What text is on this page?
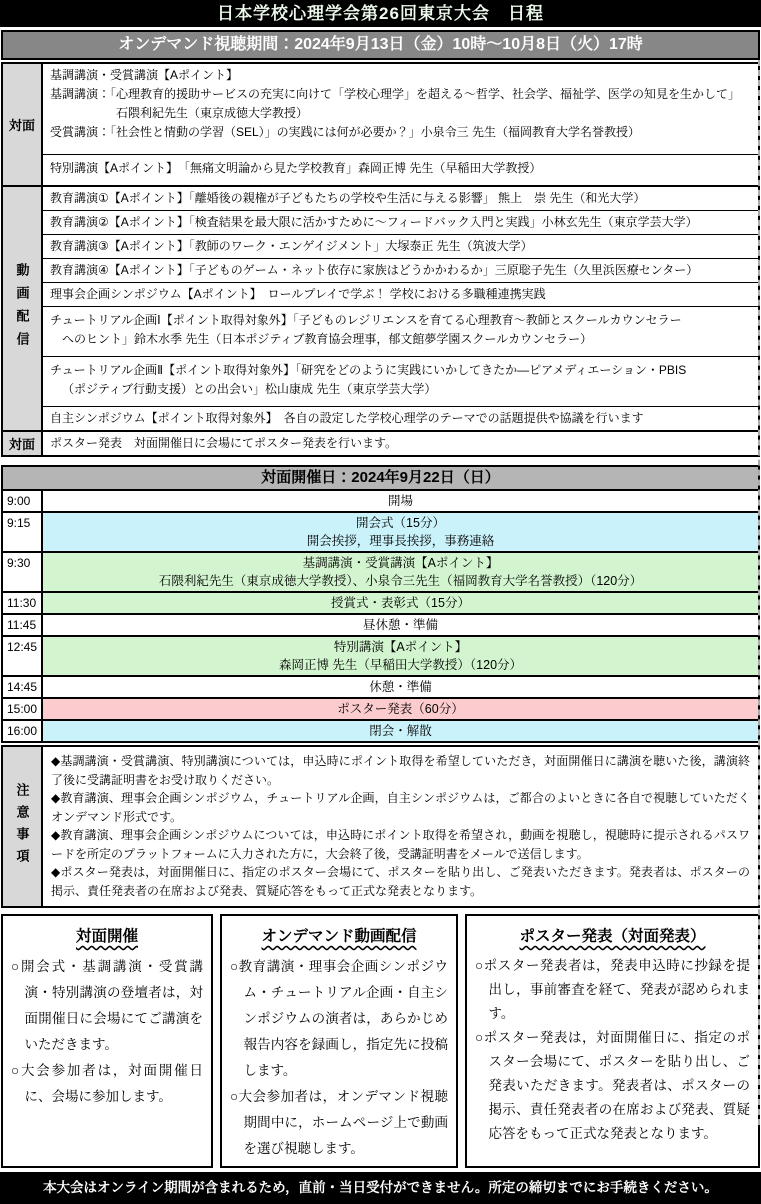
日本学校心理学会第26回東京大会　日程
オンデマンド視聴期間：2024年9月13日（金）10時～10月8日（火）17時
対面
基調講演・受賞講演【Aポイント】
基調講演：「心理教育的援助サービスの充実に向けて「学校心理学」を超える～哲学、社会学、福祉学、医学の知見を生かして」
石隈利紀先生（東京成徳大学教授）
受賞講演：「社会性と情動の学習（SEL）」の実践には何が必要か？」小泉令三 先生（福岡教育大学名誉教授）
特別講演【Aポイント】　「無痛文明論から見た学校教育」森岡正博 先生（早稲田大学教授）
動画配信
教育講演①【Aポイント】「離婚後の親権が子どもたちの学校や生活に与える影響」 熊上　崇 先生（和光大学）
教育講演②【Aポイント】「検査結果を最大限に活かすために～フィードバック入門と実践」小林玄先生（東京学芸大学）
教育講演③【Aポイント】「教師のワーク・エンゲイジメント」大塚泰正 先生（筑波大学）
教育講演④【Aポイント】「子どものゲーム・ネット依存に家族はどうかかわるか」三原聡子先生（久里浜医療センター）
理事会企画シンポジウム【Aポイント】　ロールプレイで学ぶ！ 学校における多職種連携実践
チュートリアル企画Ⅰ【ポイント取得対象外】「子どものレジリエンスを育てる心理教育～教師とスクールカウンセラー
へのヒント」鈴木水季 先生（日本ポジティブ教育協会理事，郁文館夢学園スクールカウンセラー）
チュートリアル企画Ⅱ【ポイント取得対象外】「研究をどのように実践にいかしてきたか―ピアメディエーション・PBIS
（ポジティブ行動支援）との出会い」松山康成 先生（東京学芸大学）
自主シンポジウム【ポイント取得対象外】　各自の設定した学校心理学のテーマでの話題提供や協議を行います
対面 ポスター発表　対面開催日に会場にてポスター発表を行います。
対面開催日：2024年9月22日（日）
9:00	開場
9:15	開会式（15分）
開会挨拶，理事長挨拶，事務連絡
9:30	基調講演・受賞講演【Aポイント】
石隈利紀先生（東京成徳大学教授）、小泉令三先生（福岡教育大学名誉教授）（120分）
11:30	授賞式・表彰式（15分）
11:45	昼休憩・準備
12:45	特別講演【Aポイント】
森岡正博 先生（早稲田大学教授）（120分）
14:45	休憩・準備
15:00	ポスター発表（60分）
16:00	閉会・解散
注意事項
◆基調講演・受賞講演、特別講演については，申込時にポイント取得を希望していただき，対面開催日に講演を聴いた後，講演終了後に受講証明書をお受け取りください。
◆教育講演、理事会企画シンポジウム，チュートリアル企画，自主シンポジウムは，ご都合のよいときに各自で視聴していただくオンデマンド形式です。
◆教育講演、理事会企画シンポジウムについては，申込時にポイント取得を希望され，動画を視聴し，視聴時に提示されるパスワードを所定のプラットフォームに入力された方に，大会終了後，受講証明書をメールで送信します。
◆ポスター発表は，対面開催日に、指定のポスター会場にて、ポスターを貼り出し、ご発表いただきます。発表者は、ポスターの掲示、責任発表者の在席および発表、質疑応答をもって正式な発表となります。
対面開催
○開会式・基調講演・受賞講演・特別講演の登壇者は，対面開催日に会場にてご講演をいただきます。
○大会参加者は，対面開催日に、会場に参加します。
オンデマンド動画配信
○教育講演・理事会企画シンポジウム・チュートリアル企画・自主シンポジウムの演者は，あらかじめ報告内容を録画し，指定先に投稿します。
○大会参加者は，オンデマンド視聴期間中に，ホームページ上で動画を選び視聴します。
ポスター発表（対面発表）
○ポスター発表者は，発表申込時に抄録を提出し，事前審査を経て、発表が認められます。
○ポスター発表は，対面開催日に、指定のポスター会場にて、ポスターを貼り出し、ご発表いただきます。発表者は、ポスターの掲示、責任発表者の在席および発表、質疑応答をもって正式な発表となります。
本大会はオンライン期間が含まれるため，直前・当日受付ができません。所定の締切までにお手続きください。
